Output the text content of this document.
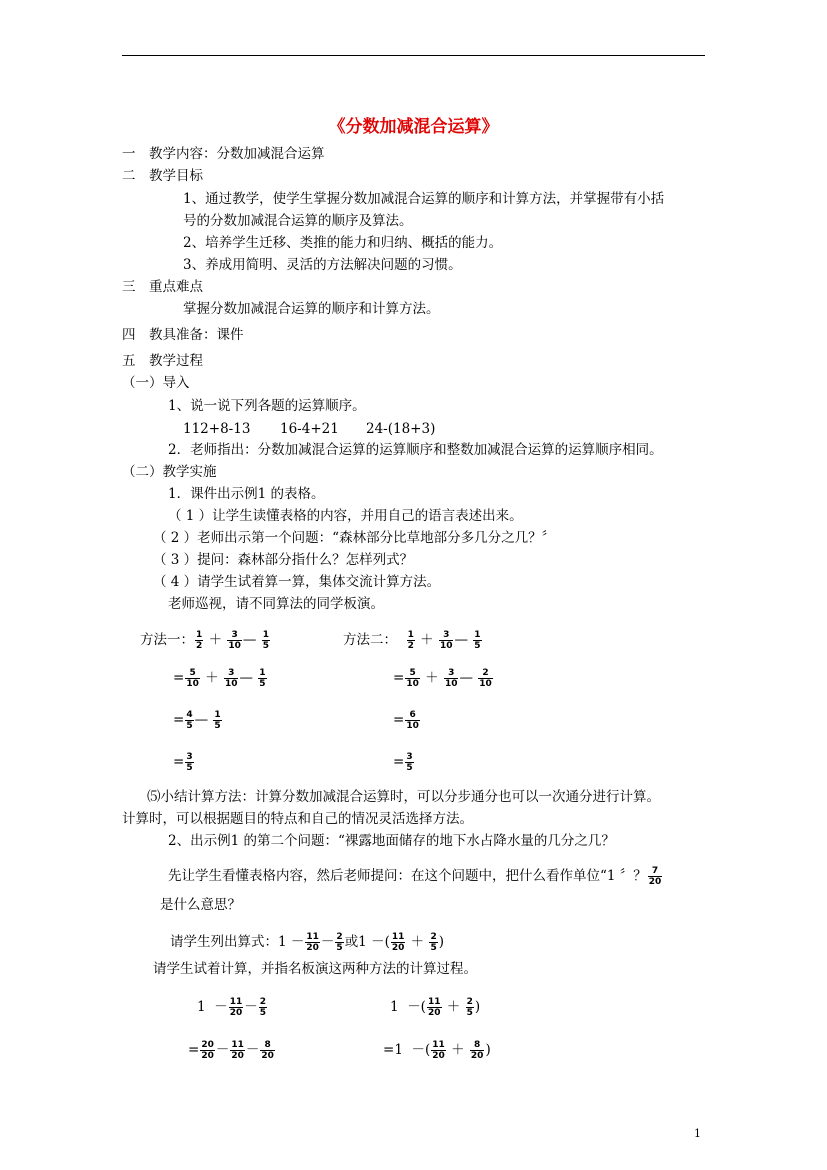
《分数加减混合运算》
一　教学内容：分数加减混合运算
二　教学目标
1、通过教学，使学生掌握分数加减混合运算的顺序和计算方法，并掌握带有小括
号的分数加减混合运算的顺序及算法。
2、培养学生迁移、类推的能力和归纳、概括的能力。
3、养成用简明、灵活的方法解决问题的习惯。
三　重点难点
掌握分数加减混合运算的顺序和计算方法。
四　教具准备：课件
五　教学过程
（一）导入
1、说一说下列各题的运算顺序。
112+8-13 16-4+21 24-(18+3)
2．老师指出：分数加减混合运算的运算顺序和整数加减混合运算的运算顺序相同。
（二）教学实施
1．课件出示例1 的表格。
（ 1 ）让学生读懂表格的内容，并用自己的语言表述出来。
（ 2 ）老师出示第一个问题：“森林部分比草地部分多几分之几？〞
（ 3 ）提问：森林部分指什么？怎样列式？
（ 4 ）请学生试着算一算，集体交流计算方法。
老师巡视，请不同算法的同学板演。
方法一： $\frac{1}{2} + \frac{3}{10}$ — $\frac{1}{5}$
= $\frac{5}{10} + \frac{3}{10}$ — $\frac{1}{5}$
= $\frac{4}{5}$ — $\frac{1}{5}$
= $\frac{3}{5}$
方法二： $\frac{1}{2} + \frac{3}{10}$ — $\frac{1}{5}$
= $\frac{5}{10} + \frac{3}{10}$ — $\frac{2}{10}$
= $\frac{6}{10}$
= $\frac{3}{5}$
⑸小结计算方法：计算分数加减混合运算时，可以分步通分也可以一次通分进行计算。
计算时，可以根据题目的特点和自己的情况灵活选择方法。
2、出示例1 的第二个问题：“裸露地面储存的地下水占降水量的几分之几？
先让学生看懂表格内容，然后老师提问：在这个问题中，把什么看作单位“1 〞？ $\frac{7}{20}$
是什么意思？
请学生列出算式：$1 - \frac{11}{20} - \frac{2}{5}$ 或1 －( $\frac{11}{20} + \frac{2}{5}$ )
请学生试着计算，并指名板演这两种方法的计算过程。
$1 - \frac{11}{20} - \frac{2}{5}$
= $\frac{20}{20} - \frac{11}{20} - \frac{8}{20}$
1 －( $\frac{11}{20} + \frac{2}{5}$ )
=1 －( $\frac{11}{20} + \frac{8}{20}$ )
1
